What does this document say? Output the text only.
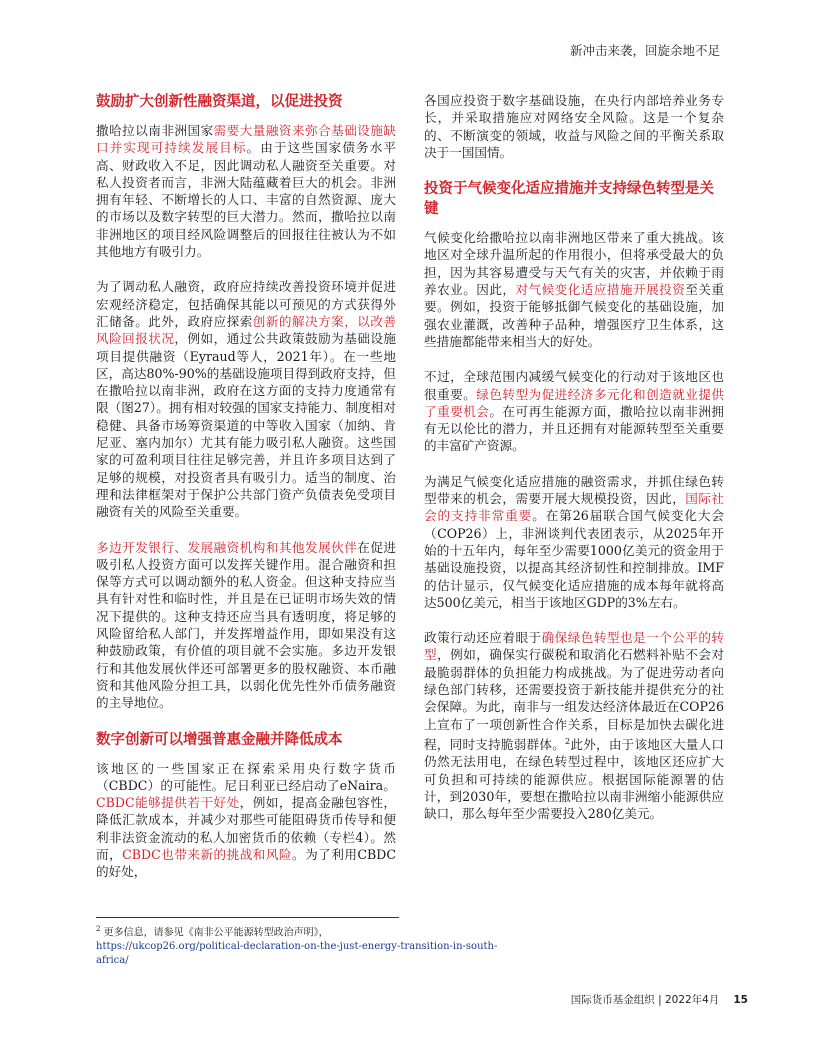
新冲击来袭，回旋余地不足
鼓励扩大创新性融资渠道，以促进投资

撒哈拉以南非洲国家需要大量融资来弥合基础设施缺口并实现可持续发展目标。由于这些国家债务水平高、财政收入不足，因此调动私人融资至关重要。对私人投资者而言，非洲大陆蕴藏着巨大的机会。非洲拥有年轻、不断增长的人口、丰富的自然资源、庞大的市场以及数字转型的巨大潜力。然而，撒哈拉以南非洲地区的项目经风险调整后的回报往往被认为不如其他地方有吸引力。

为了调动私人融资，政府应持续改善投资环境并促进宏观经济稳定，包括确保其能以可预见的方式获得外汇储备。此外，政府应探索创新的解决方案，以改善风险回报状况，例如，通过公共政策鼓励为基础设施项目提供融资（Eyraud等人，2021年）。在一些地区，高达80%-90%的基础设施项目得到政府支持，但在撒哈拉以南非洲，政府在这方面的支持力度通常有限（图27）。拥有相对较强的国家支持能力、制度相对稳健、具备市场筹资渠道的中等收入国家（加纳、肯尼亚、塞内加尔）尤其有能力吸引私人融资。这些国家的可盈利项目往往足够完善，并且许多项目达到了足够的规模，对投资者具有吸引力。适当的制度、治理和法律框架对于保护公共部门资产负债表免受项目融资有关的风险至关重要。

多边开发银行、发展融资机构和其他发展伙伴在促进吸引私人投资方面可以发挥关键作用。混合融资和担保等方式可以调动额外的私人资金。但这种支持应当具有针对性和临时性，并且是在已证明市场失效的情况下提供的。这种支持还应当具有透明度，将足够的风险留给私人部门，并发挥增益作用，即如果没有这种鼓励政策，有价值的项目就不会实施。多边开发银行和其他发展伙伴还可部署更多的股权融资、本币融资和其他风险分担工具，以弱化优先性外币债务融资的主导地位。

数字创新可以增强普惠金融并降低成本

该地区的一些国家正在探索采用央行数字货币（CBDC）的可能性。尼日利亚已经启动了eNaira。CBDC能够提供若干好处，例如，提高金融包容性，降低汇款成本，并减少对那些可能阻碍货币传导和便利非法资金流动的私人加密货币的依赖（专栏4）。然而，CBDC也带来新的挑战和风险。为了利用CBDC的好处，

各国应投资于数字基础设施，在央行内部培养业务专长，并采取措施应对网络安全风险。这是一个复杂的、不断演变的领域，收益与风险之间的平衡关系取决于一国国情。

投资于气候变化适应措施并支持绿色转型是关键

气候变化给撒哈拉以南非洲地区带来了重大挑战。该地区对全球升温所起的作用很小，但将承受最大的负担，因为其容易遭受与天气有关的灾害，并依赖于雨养农业。因此，对气候变化适应措施开展投资至关重要。例如，投资于能够抵御气候变化的基础设施，加强农业灌溉，改善种子品种，增强医疗卫生体系，这些措施都能带来相当大的好处。

不过，全球范围内减缓气候变化的行动对于该地区也很重要。绿色转型为促进经济多元化和创造就业提供了重要机会。在可再生能源方面，撒哈拉以南非洲拥有无以伦比的潜力，并且还拥有对能源转型至关重要的丰富矿产资源。

为满足气候变化适应措施的融资需求，并抓住绿色转型带来的机会，需要开展大规模投资，因此，国际社会的支持非常重要。在第26届联合国气候变化大会（COP26）上，非洲谈判代表团表示，从2025年开始的十五年内，每年至少需要1000亿美元的资金用于基础设施投资，以提高其经济韧性和控制排放。IMF的估计显示，仅气候变化适应措施的成本每年就将高达500亿美元，相当于该地区GDP的3%左右。

政策行动还应着眼于确保绿色转型也是一个公平的转型，例如，确保实行碳税和取消化石燃料补贴不会对最脆弱群体的负担能力构成挑战。为了促进劳动者向绿色部门转移，还需要投资于新技能并提供充分的社会保障。为此，南非与一组发达经济体最近在COP26上宣布了一项创新性合作关系，目标是加快去碳化进程，同时支持脆弱群体。$^2$此外，由于该地区大量人口仍然无法用电，在绿色转型过程中，该地区还应扩大可负担和可持续的能源供应。根据国际能源署的估计，到2030年，要想在撒哈拉以南非洲缩小能源供应缺口，那么每年至少需要投入280亿美元。

$^2$ 更多信息，请参见《南非公平能源转型政治声明》，
https://ukcop26.org/political-declaration-on-the-just-energy-transition-in-south-africa/
国际货币基金组织 | 2022年4月 15
